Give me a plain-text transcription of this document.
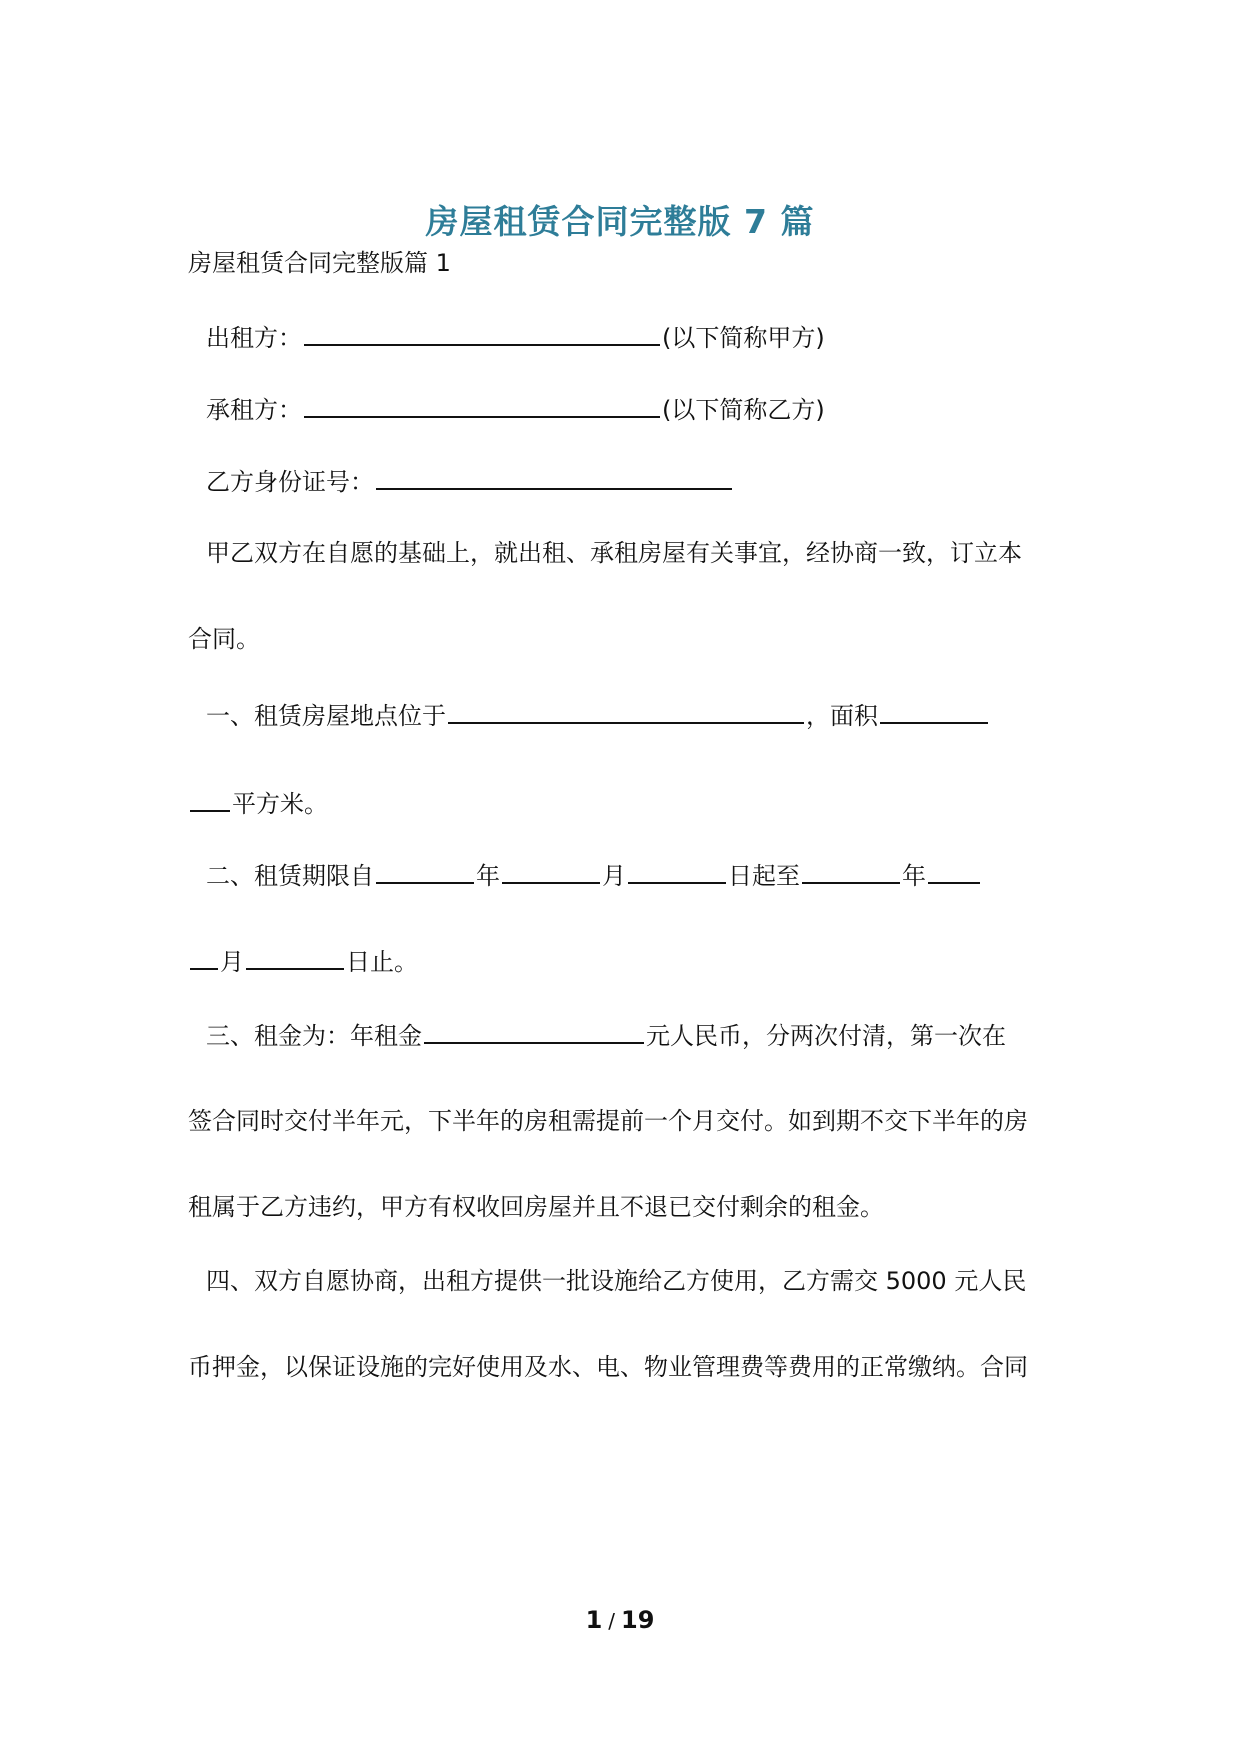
房屋租赁合同完整版 7 篇
房屋租赁合同完整版篇 1
出租方：	(以下简称甲方)
承租方：	(以下简称乙方)
乙方身份证号：
甲乙双方在自愿的基础上，就出租、承租房屋有关事宜，经协商一致，订立本
合同。
一、租赁房屋地点位于	，面积
平方米。
二、租赁期限自	年	月	日起至	年
月	日止。
三、租金为：年租金	元人民币，分两次付清，第一次在
签合同时交付半年元，下半年的房租需提前一个月交付。如到期不交下半年的房
租属于乙方违约，甲方有权收回房屋并且不退已交付剩余的租金。
四、双方自愿协商，出租方提供一批设施给乙方使用，乙方需交 5000 元人民
币押金，以保证设施的完好使用及水、电、物业管理费等费用的正常缴纳。合同
1 / 19
